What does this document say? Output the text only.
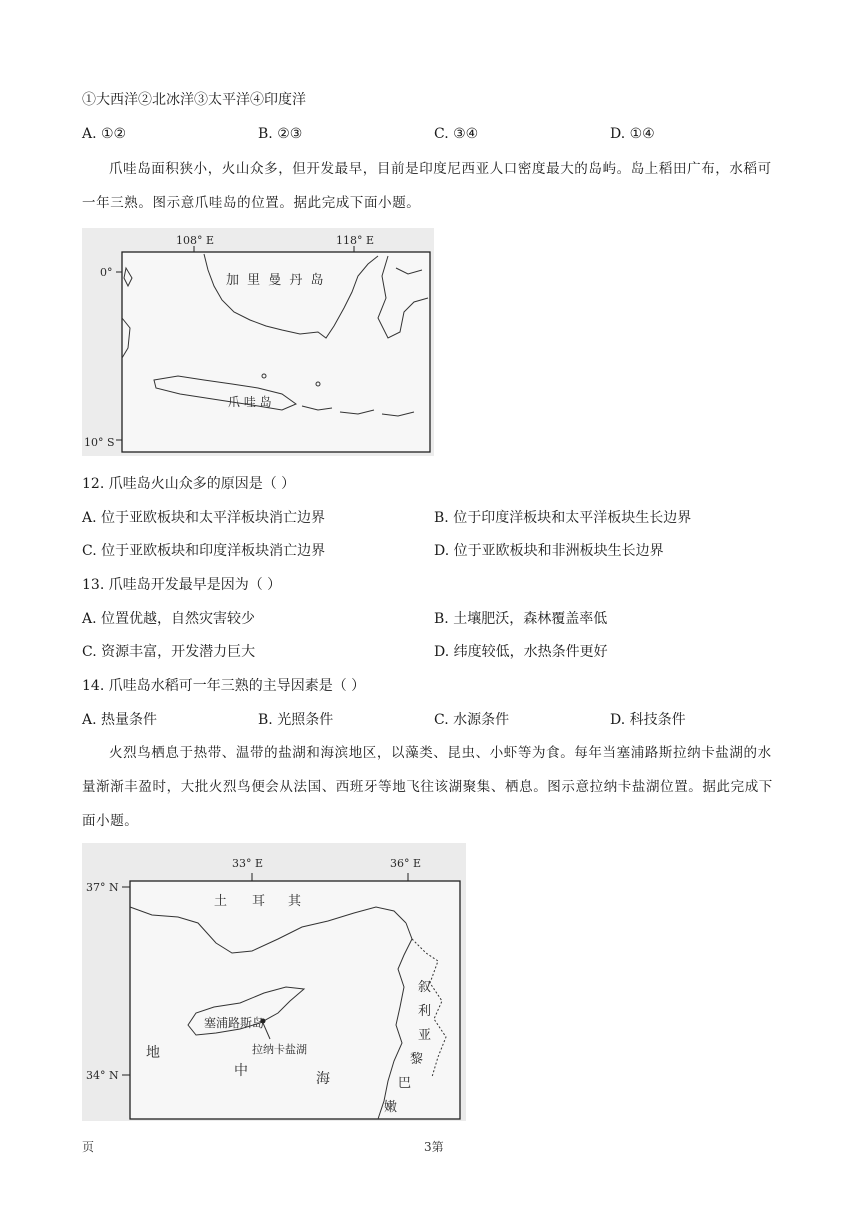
①大西洋②北冰洋③太平洋④印度洋
A. ①②	B. ②③	C. ③④	D. ①④
爪哇岛面积狭小，火山众多，但开发最早，目前是印度尼西亚人口密度最大的岛屿。岛上稻田广布，水稻可一年三熟。图示意爪哇岛的位置。据此完成下面小题。
108° E	118° E
0°
10° S
加 里 曼 丹 岛
爪 哇 岛
12. 爪哇岛火山众多的原因是（ ）
A. 位于亚欧板块和太平洋板块消亡边界	B. 位于印度洋板块和太平洋板块生长边界
C. 位于亚欧板块和印度洋板块消亡边界	D. 位于亚欧板块和非洲板块生长边界
13. 爪哇岛开发最早是因为（ ）
A. 位置优越，自然灾害较少	B. 土壤肥沃，森林覆盖率低
C. 资源丰富，开发潜力巨大	D. 纬度较低，水热条件更好
14. 爪哇岛水稻可一年三熟的主导因素是（ ）
A. 热量条件	B. 光照条件	C. 水源条件	D. 科技条件
火烈鸟栖息于热带、温带的盐湖和海滨地区，以藻类、昆虫、小虾等为食。每年当塞浦路斯拉纳卡盐湖的水量渐渐丰盈时，大批火烈鸟便会从法国、西班牙等地飞往该湖聚集、栖息。图示意拉纳卡盐湖位置。据此完成下面小题。
33° E	36° E
37° N
34° N
土 耳 其
塞浦路斯岛
拉纳卡盐湖
地
中	海
叙
利
亚
黎
巴
嫩
页	3第
